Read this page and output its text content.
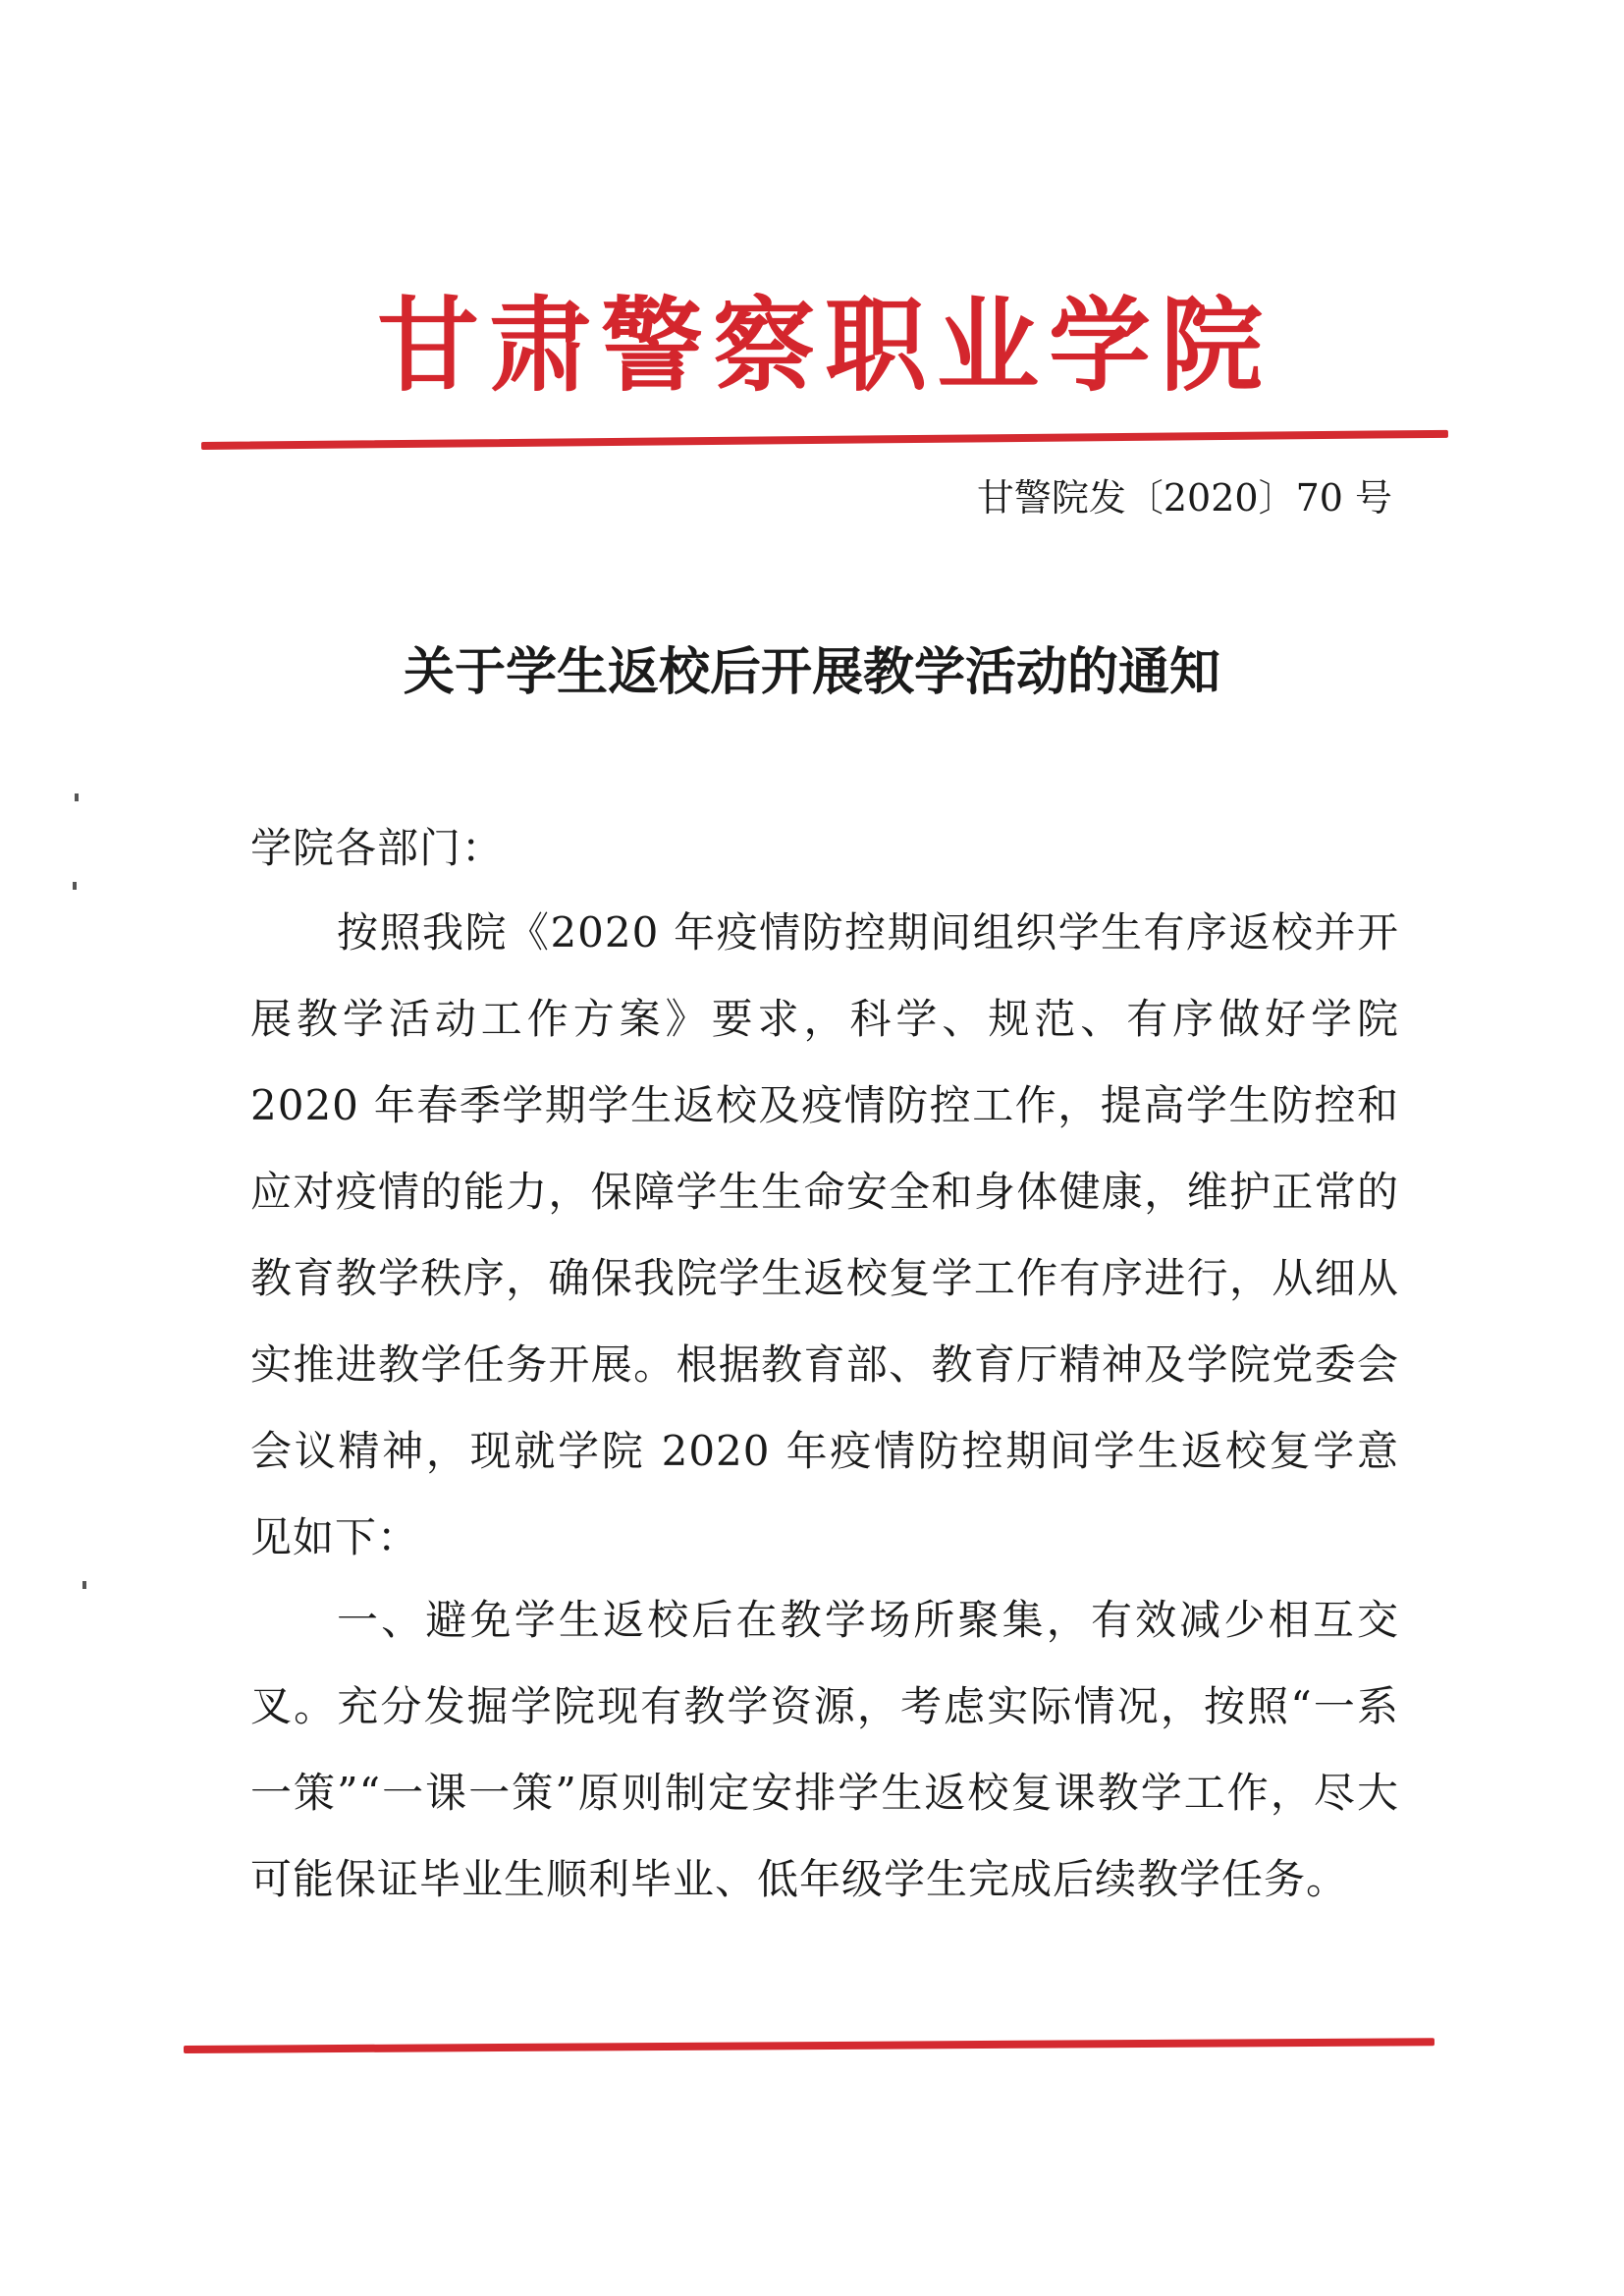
甘肃警察职业学院
甘警院发〔2020〕70 号
关于学生返校后开展教学活动的通知
学院各部门：
按照我院《2020 年疫情防控期间组织学生有序返校并开展教学活动工作方案》要求，科学、规范、有序做好学院 2020 年春季学期学生返校及疫情防控工作，提高学生防控和应对疫情的能力，保障学生生命安全和身体健康，维护正常的教育教学秩序，确保我院学生返校复学工作有序进行，从细从实推进教学任务开展。根据教育部、教育厅精神及学院党委会会议精神，现就学院 2020 年疫情防控期间学生返校复学意见如下：
一、避免学生返校后在教学场所聚集，有效减少相互交叉。充分发掘学院现有教学资源，考虑实际情况，按照“一系一策”“一课一策”原则制定安排学生返校复课教学工作，尽大可能保证毕业生顺利毕业、低年级学生完成后续教学任务。
